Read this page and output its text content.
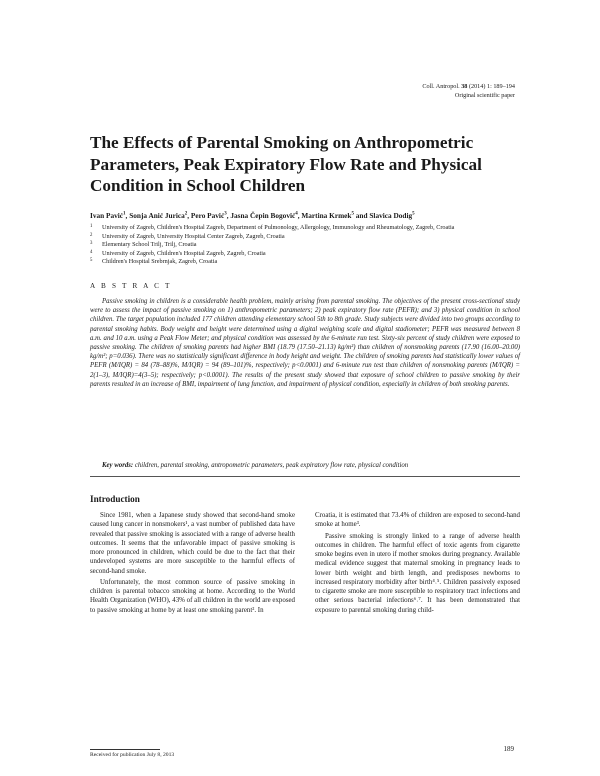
Coll. Antropol. 38 (2014) 1: 189–194
Original scientific paper
The Effects of Parental Smoking on Anthropometric Parameters, Peak Expiratory Flow Rate and Physical Condition in School Children
Ivan Pavić$^1$, Sonja Anić Jurica$^2$, Pero Pavić$^3$, Jasna Čepin Bogović$^4$, Martina Krmek$^5$ and Slavica Dodig$^5$
1 University of Zagreb, Children's Hospital Zagreb, Department of Pulmonology, Allergology, Immunology and Rheumatology, Zagreb, Croatia
2 University of Zagreb, University Hospital Center Zagreb, Zagreb, Croatia
3 Elementary School Trilj, Trilj, Croatia
4 University of Zagreb, Children's Hospital Zagreb, Zagreb, Croatia
5 Children's Hospital Srebrnjak, Zagreb, Croatia
A B S T R A C T

Passive smoking in children is a considerable health problem, mainly arising from parental smoking. The objectives of the present cross-sectional study were to assess the impact of passive smoking on 1) anthropometric parameters; 2) peak expiratory flow rate (PEFR); and 3) physical condition in school children. The target population included 177 children attending elementary school 5th to 8th grade. Study subjects were divided into two groups according to parental smoking habits. Body weight and height were determined using a digital weighing scale and digital stadiometer; PEFR was measured between 8 a.m. and 10 a.m. using a Peak Flow Meter; and physical condition was assessed by the 6-minute run test. Sixty-six percent of study children were exposed to passive smoking. The children of smoking parents had higher BMI (18.79 (17.50–21.13) kg/m²) than children of nonsmoking parents (17.90 (16.00–20.00) kg/m²; p=0.036). There was no statistically significant difference in body height and weight. The children of smoking parents had statistically lower values of PEFR (M/IQR) = 84 (78–88)%, M/IQR) = 94 (89–101)%, respectively; p<0.0001) and 6-minute run test than children of nonsmoking parents (M/IQR) = 2(1–3), M/IQR)=4(3–5); respectively; p<0.0001). The results of the present study showed that exposure of school children to passive smoking by their parents resulted in an increase of BMI, impairment of lung function, and impairment of physical condition, especially in children of both smoking parents.

Key words: children, parental smoking, antropometric parameters, peak expiratory flow rate, physical condition
Introduction

Since 1981, when a Japanese study showed that second-hand smoke caused lung cancer in nonsmokers¹, a vast number of published data have revealed that passive smoking is associated with a range of adverse health outcomes. It seems that the unfavorable impact of passive smoking is more pronounced in children, which could be due to the fact that their undeveloped systems are more susceptible to the harmful effects of second-hand smoke.

Unfortunately, the most common source of passive smoking in children is parental tobacco smoking at home. According to the World Health Organization (WHO), 43% of all children in the world are exposed to passive smoking at home by at least one smoking parent². In

Croatia, it is estimated that 73.4% of children are exposed to second-hand smoke at home³.

Passive smoking is strongly linked to a range of adverse health outcomes in children. The harmful effect of toxic agents from cigarette smoke begins even in utero if mother smokes during pregnancy. Available medical evidence suggest that maternal smoking in pregnancy leads to lower birth weight and birth length, and predisposes newborns to increased respiratory morbidity after birth⁴˒⁵. Children passively exposed to cigarette smoke are more susceptible to respiratory tract infections and other serious bacterial infections⁶˒⁷. It has been demonstrated that exposure to parental smoking during child-

Received for publication July 8, 2013
189
